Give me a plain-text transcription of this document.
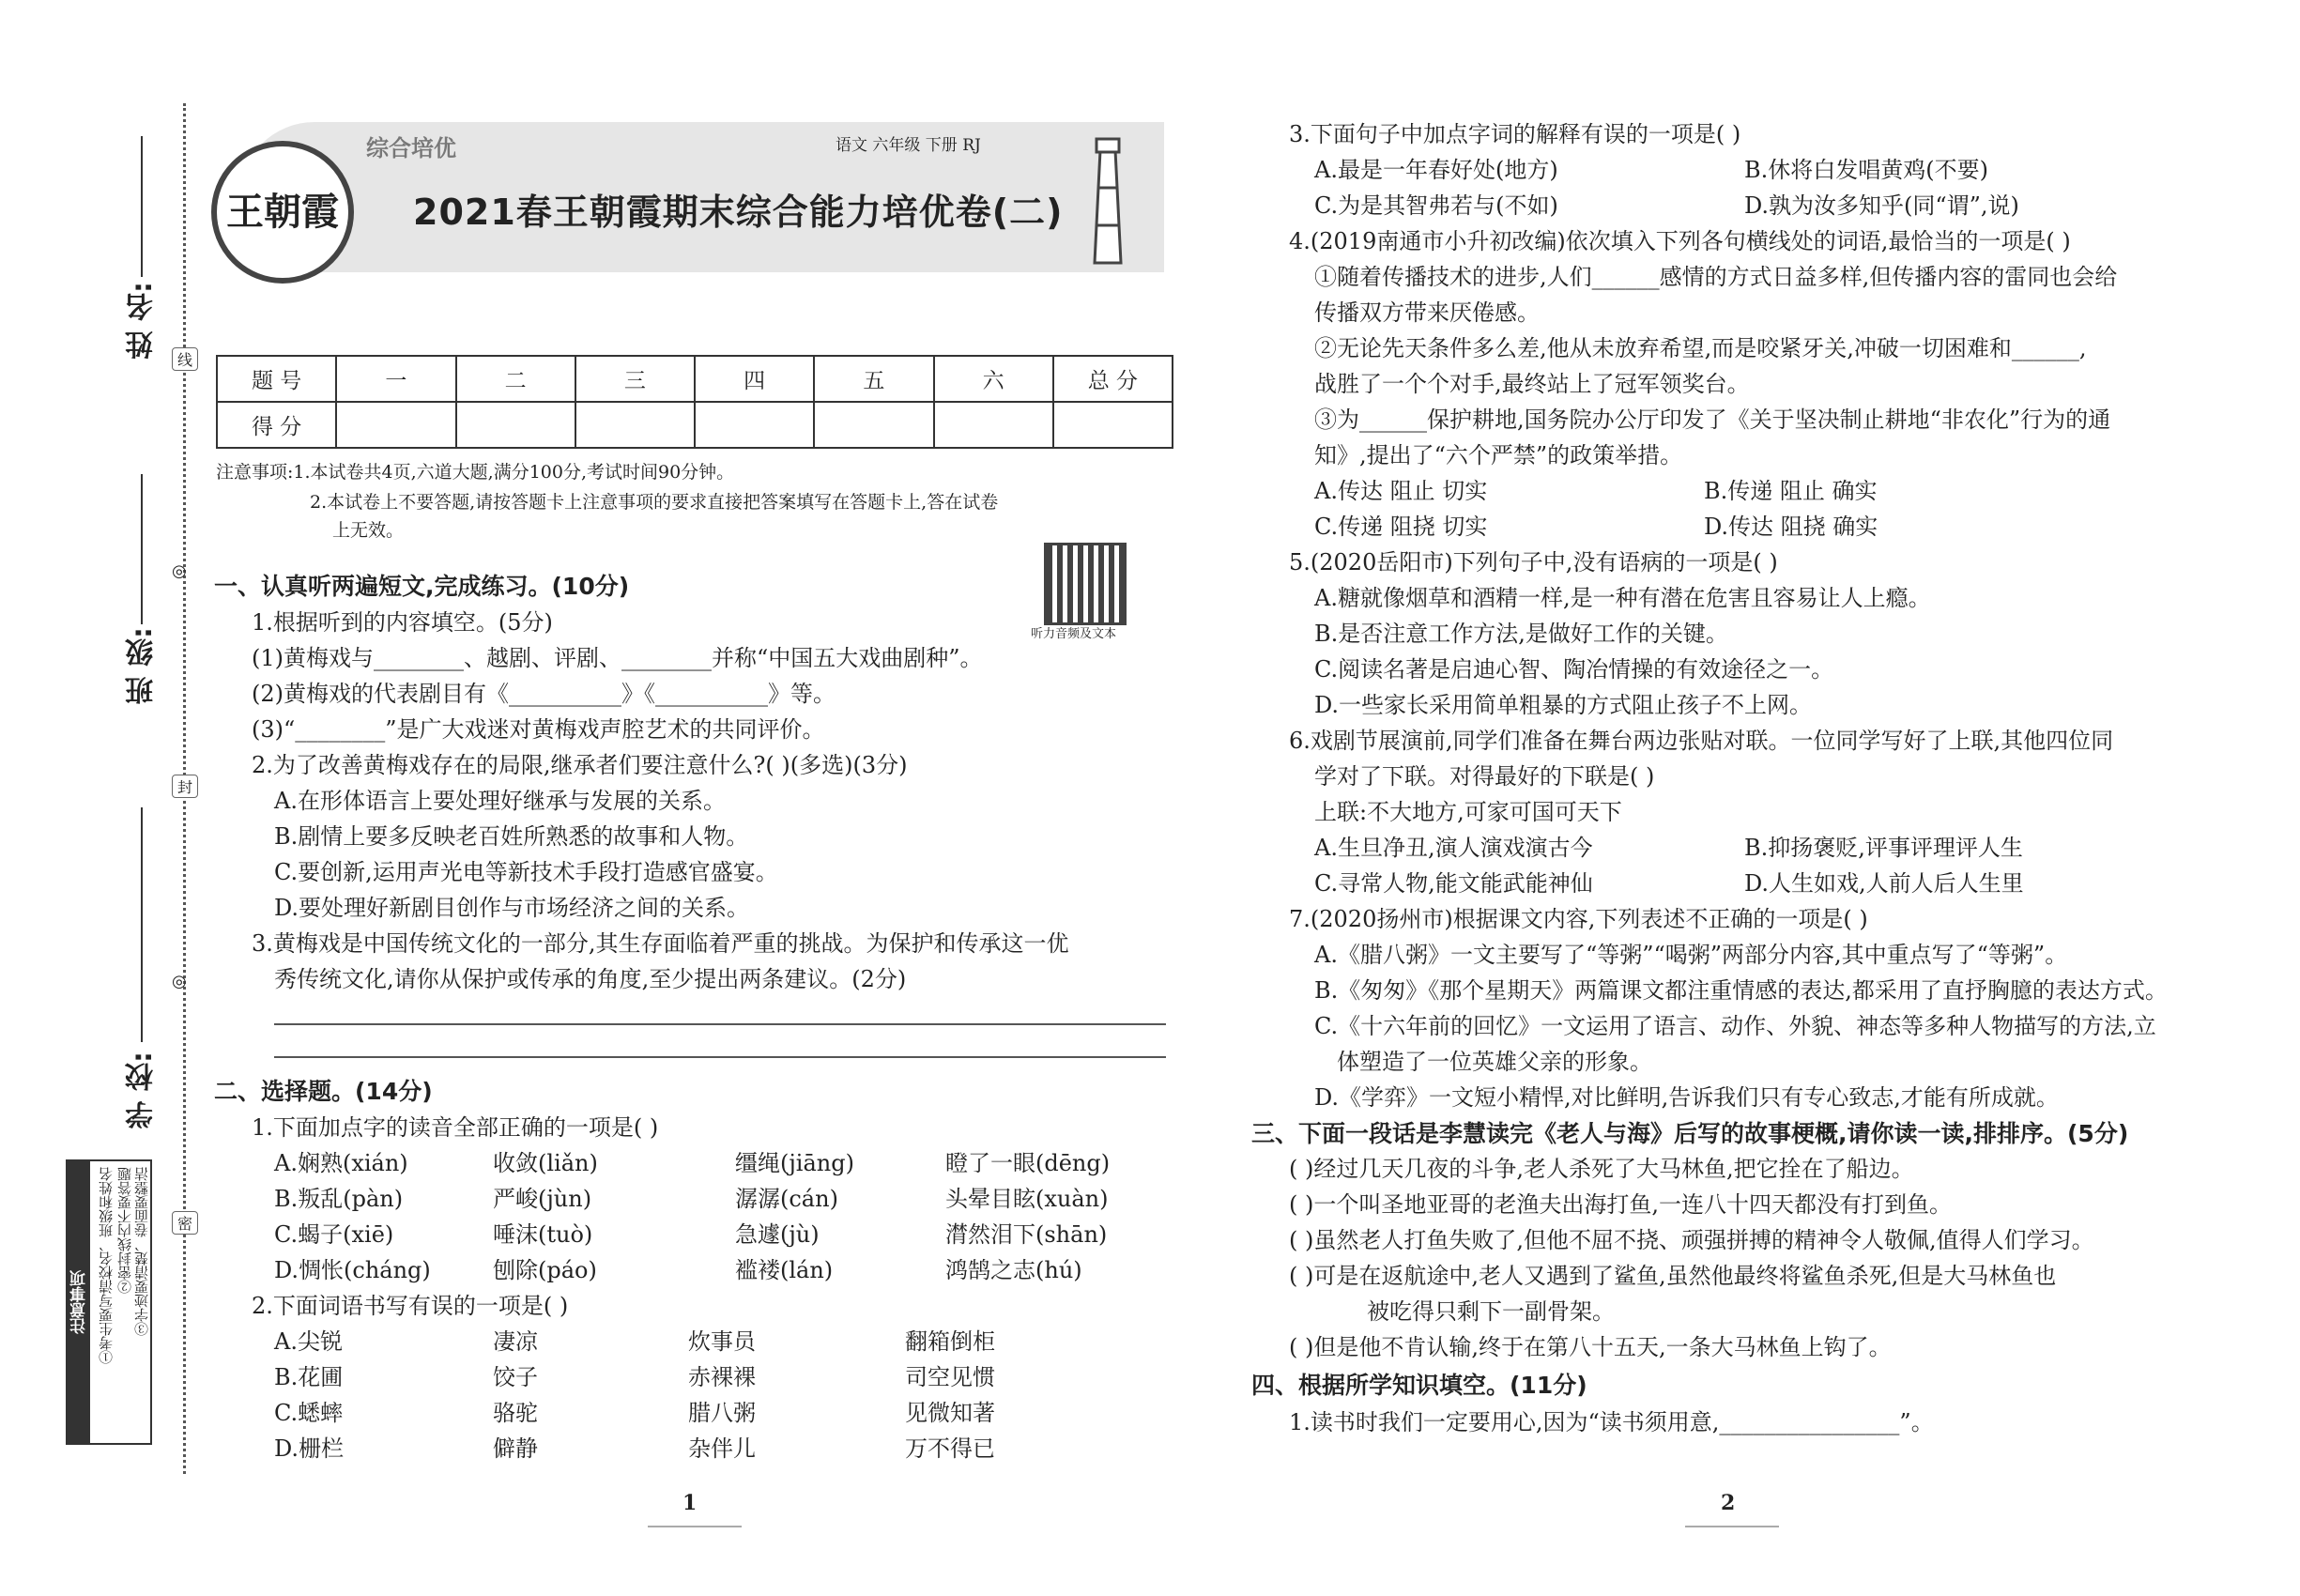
姓 名:
班 级:
学 校:
线
封
密
◎
◎
注意事项 ①考生要写清校名、班级和姓名 ②密封线内不要答题 ③字迹要清楚、卷面要整洁
王朝霞
综合培优	语文 六年级 下册 RJ
2021春王朝霞期末综合能力培优卷(二)
题 号	一	二	三	四	五	六	总 分
得 分							
注意事项:1.本试卷共4页,六道大题,满分100分,考试时间90分钟。
2.本试卷上不要答题,请按答题卡上注意事项的要求直接把答案填写在答题卡上,答在试卷
上无效。
听力音频及文本
一、认真听两遍短文,完成练习。(10分)
1.根据听到的内容填空。(5分)
(1)黄梅戏与________、越剧、评剧、________并称“中国五大戏曲剧种”。
(2)黄梅戏的代表剧目有《__________》《__________》等。
(3)“________”是广大戏迷对黄梅戏声腔艺术的共同评价。
2.为了改善黄梅戏存在的局限,继承者们要注意什么?( )(多选)(3分)
A.在形体语言上要处理好继承与发展的关系。
B.剧情上要多反映老百姓所熟悉的故事和人物。
C.要创新,运用声光电等新技术手段打造感官盛宴。
D.要处理好新剧目创作与市场经济之间的关系。
3.黄梅戏是中国传统文化的一部分,其生存面临着严重的挑战。为保护和传承这一优
秀传统文化,请你从保护或传承的角度,至少提出两条建议。(2分)
二、选择题。(14分)
1.下面加点字的读音全部正确的一项是( )
A.娴熟(xián)	收敛(liǎn)	缰绳(jiāng)	瞪了一眼(dēng)
B.叛乱(pàn)	严峻(jùn)	潺潺(cán)	头晕目眩(xuàn)
C.蝎子(xiē)	唾沫(tuò)	急遽(jù)	潸然泪下(shān)
D.惆怅(cháng)	刨除(páo)	褴褛(lán)	鸿鹄之志(hú)
2.下面词语书写有误的一项是( )
A.尖锐	凄凉	炊事员	翻箱倒柜
B.花圃	饺子	赤裸裸	司空见惯
C.蟋蟀	骆驼	腊八粥	见微知著
D.栅栏	僻静	杂伴儿	万不得已
1
3.下面句子中加点字词的解释有误的一项是( )
A.最是一年春好处(地方)	B.休将白发唱黄鸡(不要)
C.为是其智弗若与(不如)	D.孰为汝多知乎(同“谓”,说)
4.(2019南通市小升初改编)依次填入下列各句横线处的词语,最恰当的一项是( )
①随着传播技术的进步,人们______感情的方式日益多样,但传播内容的雷同也会给
传播双方带来厌倦感。
②无论先天条件多么差,他从未放弃希望,而是咬紧牙关,冲破一切困难和______,
战胜了一个个对手,最终站上了冠军领奖台。
③为______保护耕地,国务院办公厅印发了《关于坚决制止耕地“非农化”行为的通
知》,提出了“六个严禁”的政策举措。
A.传达 阻止 切实	B.传递 阻止 确实
C.传递 阻挠 切实	D.传达 阻挠 确实
5.(2020岳阳市)下列句子中,没有语病的一项是( )
A.糖就像烟草和酒精一样,是一种有潜在危害且容易让人上瘾。
B.是否注意工作方法,是做好工作的关键。
C.阅读名著是启迪心智、陶冶情操的有效途径之一。
D.一些家长采用简单粗暴的方式阻止孩子不上网。
6.戏剧节展演前,同学们准备在舞台两边张贴对联。一位同学写好了上联,其他四位同
学对了下联。对得最好的下联是( )
上联:不大地方,可家可国可天下
A.生旦净丑,演人演戏演古今	B.抑扬褒贬,评事评理评人生
C.寻常人物,能文能武能神仙	D.人生如戏,人前人后人生里
7.(2020扬州市)根据课文内容,下列表述不正确的一项是( )
A.《腊八粥》一文主要写了“等粥”“喝粥”两部分内容,其中重点写了“等粥”。
B.《匆匆》《那个星期天》两篇课文都注重情感的表达,都采用了直抒胸臆的表达方式。
C.《十六年前的回忆》一文运用了语言、动作、外貌、神态等多种人物描写的方法,立
体塑造了一位英雄父亲的形象。
D.《学弈》一文短小精悍,对比鲜明,告诉我们只有专心致志,才能有所成就。
三、下面一段话是李慧读完《老人与海》后写的故事梗概,请你读一读,排排序。(5分)
( )经过几天几夜的斗争,老人杀死了大马林鱼,把它拴在了船边。
( )一个叫圣地亚哥的老渔夫出海打鱼,一连八十四天都没有打到鱼。
( )虽然老人打鱼失败了,但他不屈不挠、顽强拼搏的精神令人敬佩,值得人们学习。
( )可是在返航途中,老人又遇到了鲨鱼,虽然他最终将鲨鱼杀死,但是大马林鱼也
被吃得只剩下一副骨架。
( )但是他不肯认输,终于在第八十五天,一条大马林鱼上钩了。
四、根据所学知识填空。(11分)
1.读书时我们一定要用心,因为“读书须用意,________________”。
2
